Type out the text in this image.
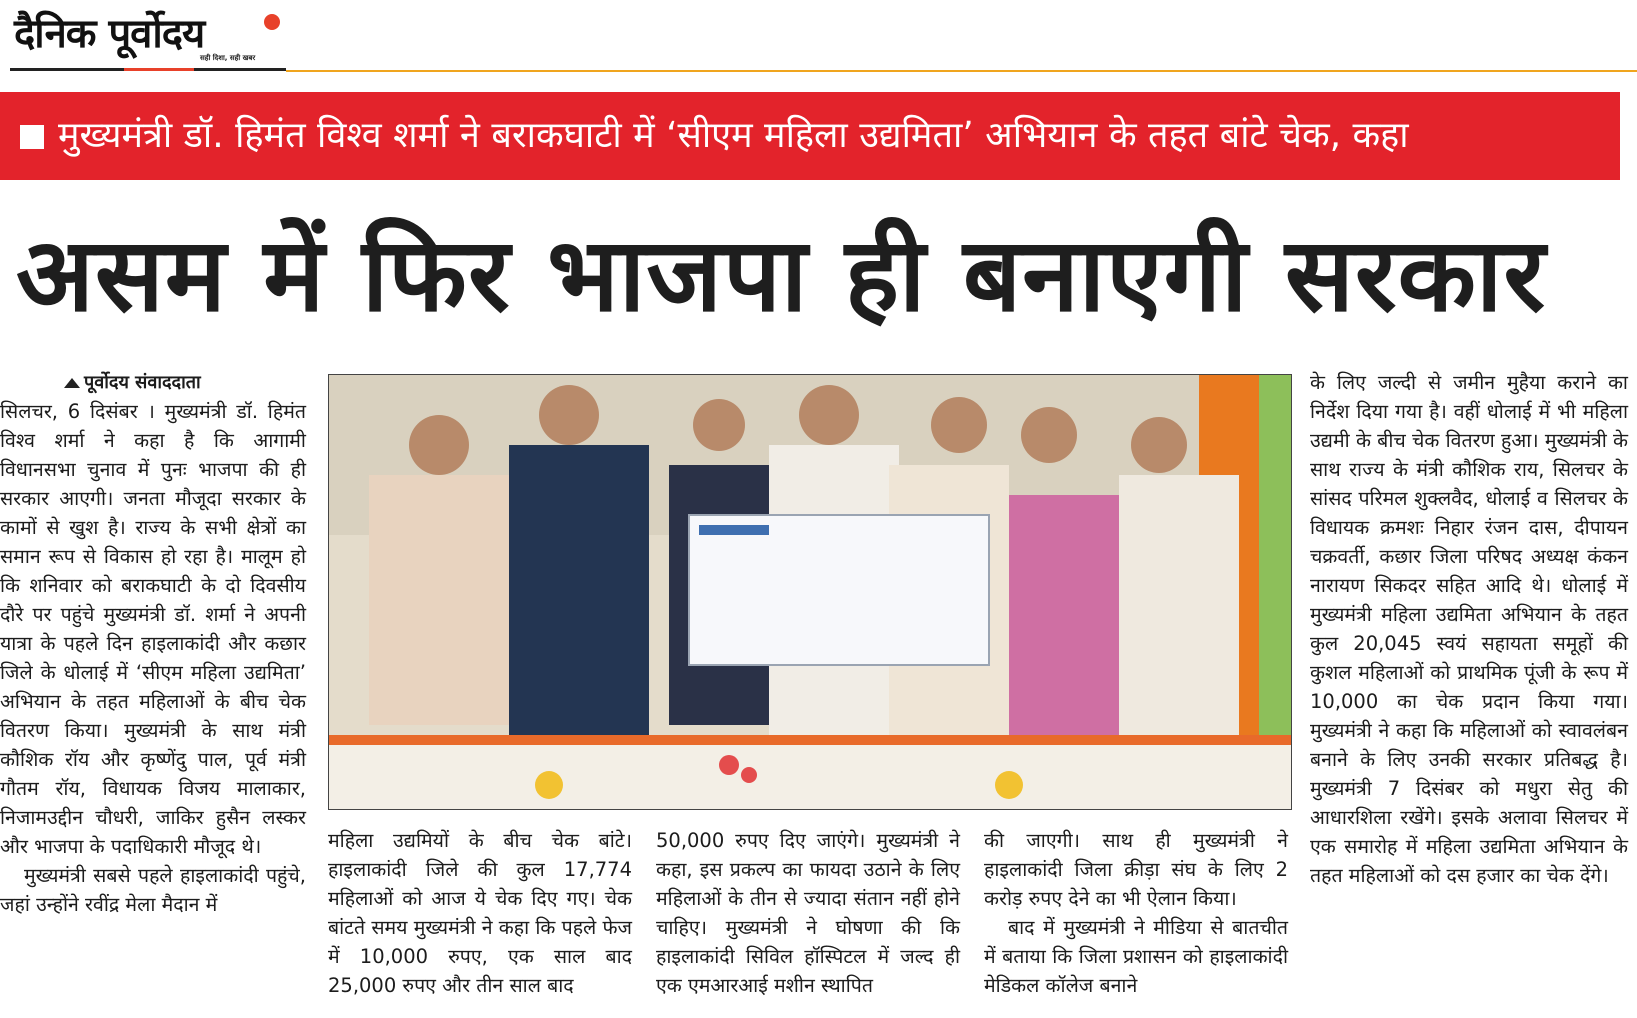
दैनिक पूर्वोदय
सही दिशा, सही खबर
मुख्यमंत्री डॉ. हिमंत विश्व शर्मा ने बराकघाटी में ‘सीएम महिला उद्यमिता’ अभियान के तहत बांटे चेक, कहा
असम में फिर भाजपा ही बनाएगी सरकार
पूर्वोदय संवाददाता

सिलचर, 6 दिसंबर । मुख्यमंत्री डॉ. हिमंत विश्व शर्मा ने कहा है कि आगामी विधानसभा चुनाव में पुनः भाजपा की ही सरकार आएगी। जनता मौजूदा सरकार के कामों से खुश है। राज्य के सभी क्षेत्रों का समान रूप से विकास हो रहा है। मालूम हो कि शनिवार को बराकघाटी के दो दिवसीय दौरे पर पहुंचे मुख्यमंत्री डॉ. शर्मा ने अपनी यात्रा के पहले दिन हाइलाकांदी और कछार जिले के धोलाई में ‘सीएम महिला उद्यमिता’ अभियान के तहत महिलाओं के बीच चेक वितरण किया। मुख्यमंत्री के साथ मंत्री कौशिक रॉय और कृष्णेंदु पाल, पूर्व मंत्री गौतम रॉय, विधायक विजय मालाकार, निजामउद्दीन चौधरी, जाकिर हुसैन लस्कर और भाजपा के पदाधिकारी मौजूद थे।

मुख्यमंत्री सबसे पहले हाइलाकांदी पहुंचे, जहां उन्होंने रवींद्र मेला मैदान में

महिला उद्यमियों के बीच चेक बांटे। हाइलाकांदी जिले की कुल 17,774 महिलाओं को आज ये चेक दिए गए। चेक बांटते समय मुख्यमंत्री ने कहा कि पहले फेज में 10,000 रुपए, एक साल बाद 25,000 रुपए और तीन साल बाद
50,000 रुपए दिए जाएंगे। मुख्यमंत्री ने कहा, इस प्रकल्प का फायदा उठाने के लिए महिलाओं के तीन से ज्यादा संतान नहीं होने चाहिए। मुख्यमंत्री ने घोषणा की कि हाइलाकांदी सिविल हॉस्पिटल में जल्द ही एक एमआरआई मशीन स्थापित
की जाएगी। साथ ही मुख्यमंत्री ने हाइलाकांदी जिला क्रीड़ा संघ के लिए 2 करोड़ रुपए देने का भी ऐलान किया।
बाद में मुख्यमंत्री ने मीडिया से बातचीत में बताया कि जिला प्रशासन को हाइलाकांदी मेडिकल कॉलेज बनाने
के लिए जल्दी से जमीन मुहैया कराने का निर्देश दिया गया है। वहीं धोलाई में भी महिला उद्यमी के बीच चेक वितरण हुआ। मुख्यमंत्री के साथ राज्य के मंत्री कौशिक राय, सिलचर के सांसद परिमल शुक्लवैद, धोलाई व सिलचर के विधायक क्रमशः निहार रंजन दास, दीपायन चक्रवर्ती, कछार जिला परिषद अध्यक्ष कंकन नारायण सिकदर सहित आदि थे। धोलाई में मुख्यमंत्री महिला उद्यमिता अभियान के तहत कुल 20,045 स्वयं सहायता समूहों की कुशल महिलाओं को प्राथमिक पूंजी के रूप में 10,000 का चेक प्रदान किया गया। मुख्यमंत्री ने कहा कि महिलाओं को स्वावलंबन बनाने के लिए उनकी सरकार प्रतिबद्ध है। मुख्यमंत्री 7 दिसंबर को मधुरा सेतु की आधारशिला रखेंगे। इसके अलावा सिलचर में एक समारोह में महिला उद्यमिता अभियान के तहत महिलाओं को दस हजार का चेक देंगे।
